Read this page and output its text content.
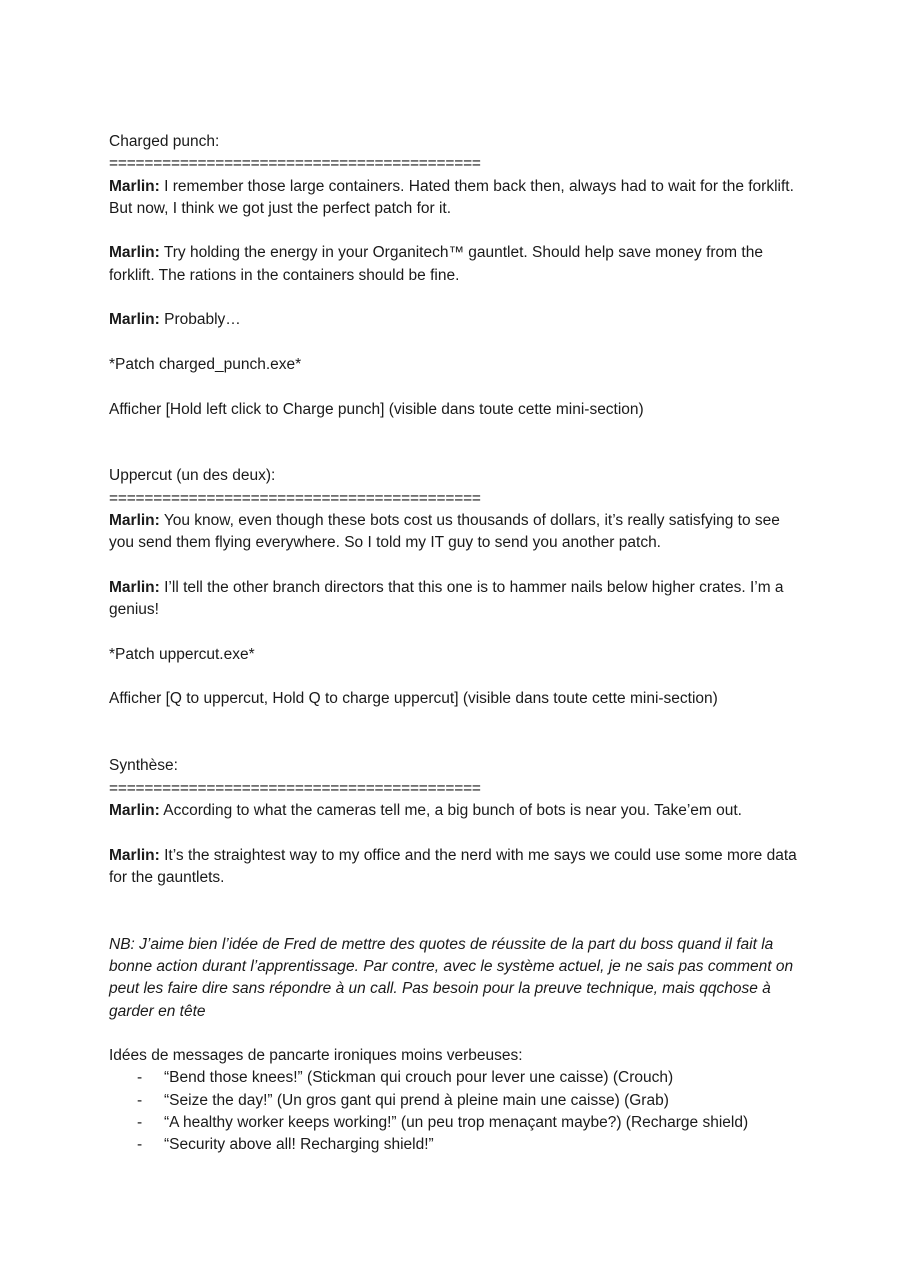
Charged punch:

==========================================

Marlin: I remember those large containers. Hated them back then, always had to wait for the forklift. But now, I think we got just the perfect patch for it.

Marlin: Try holding the energy in your Organitech™ gauntlet. Should help save money from the forklift. The rations in the containers should be fine.

Marlin: Probably…

*Patch charged_punch.exe*

Afficher [Hold left click to Charge punch] (visible dans toute cette mini-section)

Uppercut (un des deux):

==========================================

Marlin: You know, even though these bots cost us thousands of dollars, it’s really satisfying to see you send them flying everywhere. So I told my IT guy to send you another patch.

Marlin: I’ll tell the other branch directors that this one is to hammer nails below higher crates. I’m a genius!

*Patch uppercut.exe*

Afficher [Q to uppercut, Hold Q to charge uppercut] (visible dans toute cette mini-section)

Synthèse:

==========================================

Marlin: According to what the cameras tell me, a big bunch of bots is near you. Take’em out.

Marlin: It’s the straightest way to my office and the nerd with me says we could use some more data for the gauntlets.

NB: J’aime bien l’idée de Fred de mettre des quotes de réussite de la part du boss quand il fait la bonne action durant l’apprentissage. Par contre, avec le système actuel, je ne sais pas comment on peut les faire dire sans répondre à un call. Pas besoin pour la preuve technique, mais qqchose à garder en tête

Idées de messages de pancarte ironiques moins verbeuses:

- “Bend those knees!” (Stickman qui crouch pour lever une caisse) (Crouch)
- “Seize the day!” (Un gros gant qui prend à pleine main une caisse) (Grab)
- “A healthy worker keeps working!” (un peu trop menaçant maybe?) (Recharge shield)
- “Security above all! Recharging shield!”
